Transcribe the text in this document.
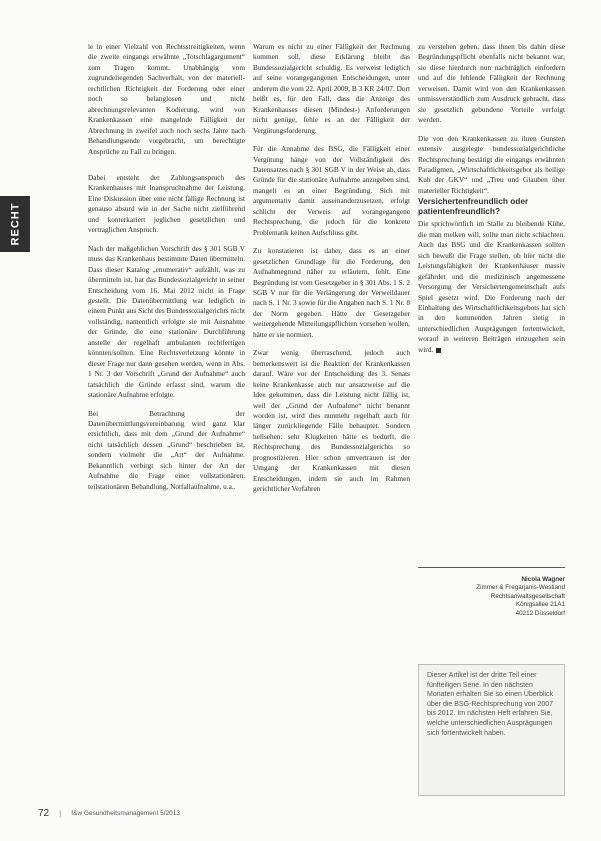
RECHT

le in einer Vielzahl von Rechtsstreitigkeiten, wenn die zweite eingangs erwähnte „Totschlagargument“ zum Tragen kommt. Unabhängig vom zugrundeliegenden Sachverhalt, von der materiell-rechtlichen Richtigkeit der Forderung oder einer noch so belanglosen und nicht abrechnungsrelevanten Kodierung, wird von Krankenkassen eine mangelnde Fälligkeit der Abrechnung in zweifel auch noch sechs Jahre nach Behandlungsende vorgebracht, um berechtigte Ansprüche zu Fall zu bringen.

Dabei entsteht der Zahlungsanspruch des Krankenhauses mit Inanspruchnahme der Leistung. Eine Diskussion über eine nicht fällige Rechnung ist genauso absurd wie in der Sache nicht zielführend und konterkariert jeglichen gesetzlichen und vertraglichen Anspruch.

Nach der maßgeblichen Vorschrift des § 301 SGB V muss das Krankenhaus bestimmte Daten übermitteln. Dass dieser Katalog „enumerativ“ aufzählt, was zu übermitteln ist, hat das Bundessozialgericht in seiner Entscheidung vom 16. Mai 2012 nicht in Frage gestellt. Die Datenübermittlung war lediglich in einem Punkt aus Sicht des Bundessozialgerichts nicht vollständig, namentlich erfolgte sie mit Ausnahme der Gründe, die eine stationäre Durchführung anstelle der regelhaft ambulanten rechtfertigen könnten/sollten. Eine Rechtsverletzung könnte in dieser Frage nur dann gesehen werden, wenn in Abs. 1 Nr. 3 der Vorschrift „Grund der Aufnahme“ auch tatsächlich die Gründe erfasst sind, warum die stationäre Aufnahme erfolgte.

Bei Betrachtung der Datenübermittlungsvereinbarung wird ganz klar ersichtlich, dass mit dem „Grund der Aufnahme“ nicht tatsächlich dessen „Grund“ beschrieben ist, sondern vielmehr die „Art“ der Aufnahme. Bekanntlich verbirgt sich hinter der Art der Aufnahme die Frage einer vollstationären, teilstationären Behandlung, Notfallaufnahme, u.a..

Warum es nicht zu einer Fälligkeit der Rechnung kommen soll, diese Erklärung bleibt das Bundessozialgericht schuldig. Es verweist lediglich auf seine vorangegangenen Entscheidungen, unter anderem die vom 22. April 2009, B 3 KR 24/07. Dort heißt es, für den Fall, dass die Anzeige des Krankenhauses diesen (Mindest-) Anforderungen nicht genüge, fehle es an der Fälligkeit der Vergütungsforderung.

Für die Annahme des BSG, die Fälligkeit einer Vergütung hänge von der Vollständigkeit des Datensatzes nach § 301 SGB V in der Weise ab, dass Gründe für die stationäre Aufnahme anzugeben sind, mangelt es an einer Begründung. Sich mit argumentativ damit auseinanderzusetzen, erfolgt schlicht der Verweis auf vorangegangene Rechtsprechung, die jedoch für die konkrete Problematik keinen Aufschluss gibt.

Zu konstatieren ist daher, dass es an einer gesetzlichen Grundlage für die Forderung, den Aufnahmegrund näher zu erläutern, fehlt. Eine Begründung ist vom Gesetzgeber in § 301 Abs. 1 S. 2 SGB V nur für die Verlängerung der Verweildauer nach S. 1 Nr. 3 sowie für die Angaben nach S. 1 Nr. 8 der Norm gegeben. Hätte der Gesetzgeber weitergehende Mitteilungspflichten vorsehen wollen, hätte er sie normiert.

Zwar wenig überraschend, jedoch auch bemerkenswert ist die Reaktion der Krankenkassen darauf. Wäre vor der Entscheidung des 3. Senats keine Krankenkasse auch nur ansatzweise auf die Idee gekommen, dass die Leistung nicht fällig ist, weil der „Grund der Aufnahme“ nicht benannt worden ist, wird dies nunmehr regelhaft auch für länger zurückliegende Fälle behauptet. Sondern hellsehen: sehr Klugkeiten hätte es bedurft, die Rechtsprechung des Bundessozialgerichts so prognostizieren. Hier schon umvertrauen ist der Umgang der Krankenkassen mit diesen Entscheidungen, indem sie auch im Rahmen gerichtlicher Verfahren

zu verstehen geben, dass ihnen bis dahin diese Begründungspflicht ebenfalls nicht bekannt war, sie diese hierdurch nun nachträglich einfordern und auf die fehlende Fälligkeit der Rechnung verweisen. Damit wird von den Krankenkassen unmissverständlich zum Ausdruck gebracht, dass sie gesetzlich gebundene Vorteile verfolgt werden.

Die von den Krankenkassen zu ihren Gunsten extensiv ausgelegte bundessozialgerichtliche Rechtsprechung bestätigt die eingangs erwähnten Paradigmen, „Wirtschaftlichkeitsgebot als heilige Kuh der GKV“ und „Treu und Glauben über materieller Richtigkeit“.

Versichertenfreundlich oder patientenfreundlich?

Die sprichwörtlich im Stalle zu bleibende Kühe, die man melken will, sollte man nicht schlachten. Auch das BSG und die Krankenkassen sollten sich bewußt die Frage stellen, ob hier nicht die Leistungsfähigkeit der Krankenhäuser massiv gefährdet und die medizinisch angemessene Versorgung der Versichertengemeinschaft aufs Spiel gesetzt wird. Die Forderung nach der Einhaltung des Wirtschaftlichkeitsgebots hat sich in den kommenden Jahren stetig in unterschiedlichen Ausprägungen fortentwickelt, worauf in weiteren Beiträgen einzugehen sein wird.

Nicola Wagner
Zimmer & Fregarjanis-Westland
Rechtsanwaltsgesellschaft
Königsallee 21A1
40212 Düsseldorf

Dieser Artikel ist der dritte Teil einer fünfteiligen Serie. In den nächsten Monaten erhalten Sie so einen Überblick über die BSG-Rechtsprechung von 2007 bis 2012. Im nächsten Heft erfahren Sie, welche unterschiedlichen Ausprägungen sich fortentwickelt haben.

72 | f&w Gesundheitsmanagement 5/2013
